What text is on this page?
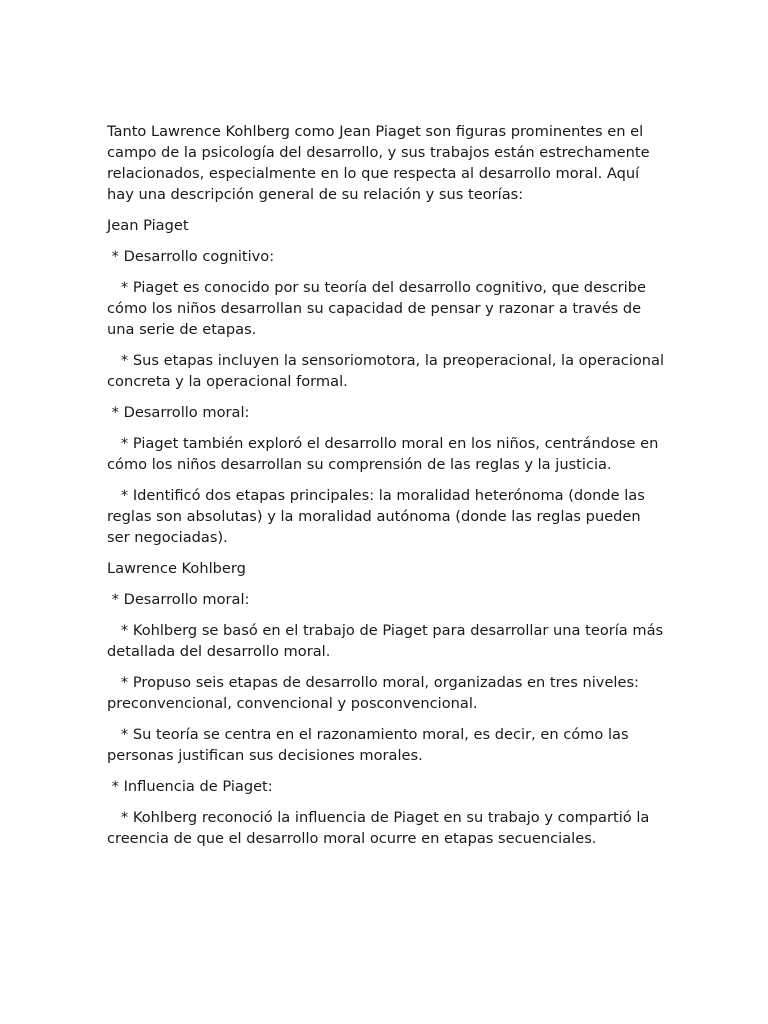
Tanto Lawrence Kohlberg como Jean Piaget son figuras prominentes en el campo de la psicología del desarrollo, y sus trabajos están estrechamente relacionados, especialmente en lo que respecta al desarrollo moral. Aquí hay una descripción general de su relación y sus teorías:

Jean Piaget

* Desarrollo cognitivo:

* Piaget es conocido por su teoría del desarrollo cognitivo, que describe cómo los niños desarrollan su capacidad de pensar y razonar a través de una serie de etapas.

* Sus etapas incluyen la sensoriomotora, la preoperacional, la operacional concreta y la operacional formal.

* Desarrollo moral:

* Piaget también exploró el desarrollo moral en los niños, centrándose en cómo los niños desarrollan su comprensión de las reglas y la justicia.

* Identificó dos etapas principales: la moralidad heterónoma (donde las reglas son absolutas) y la moralidad autónoma (donde las reglas pueden ser negociadas).

Lawrence Kohlberg

* Desarrollo moral:

* Kohlberg se basó en el trabajo de Piaget para desarrollar una teoría más detallada del desarrollo moral.

* Propuso seis etapas de desarrollo moral, organizadas en tres niveles: preconvencional, convencional y posconvencional.

* Su teoría se centra en el razonamiento moral, es decir, en cómo las personas justifican sus decisiones morales.

* Influencia de Piaget:

* Kohlberg reconoció la influencia de Piaget en su trabajo y compartió la creencia de que el desarrollo moral ocurre en etapas secuenciales.
